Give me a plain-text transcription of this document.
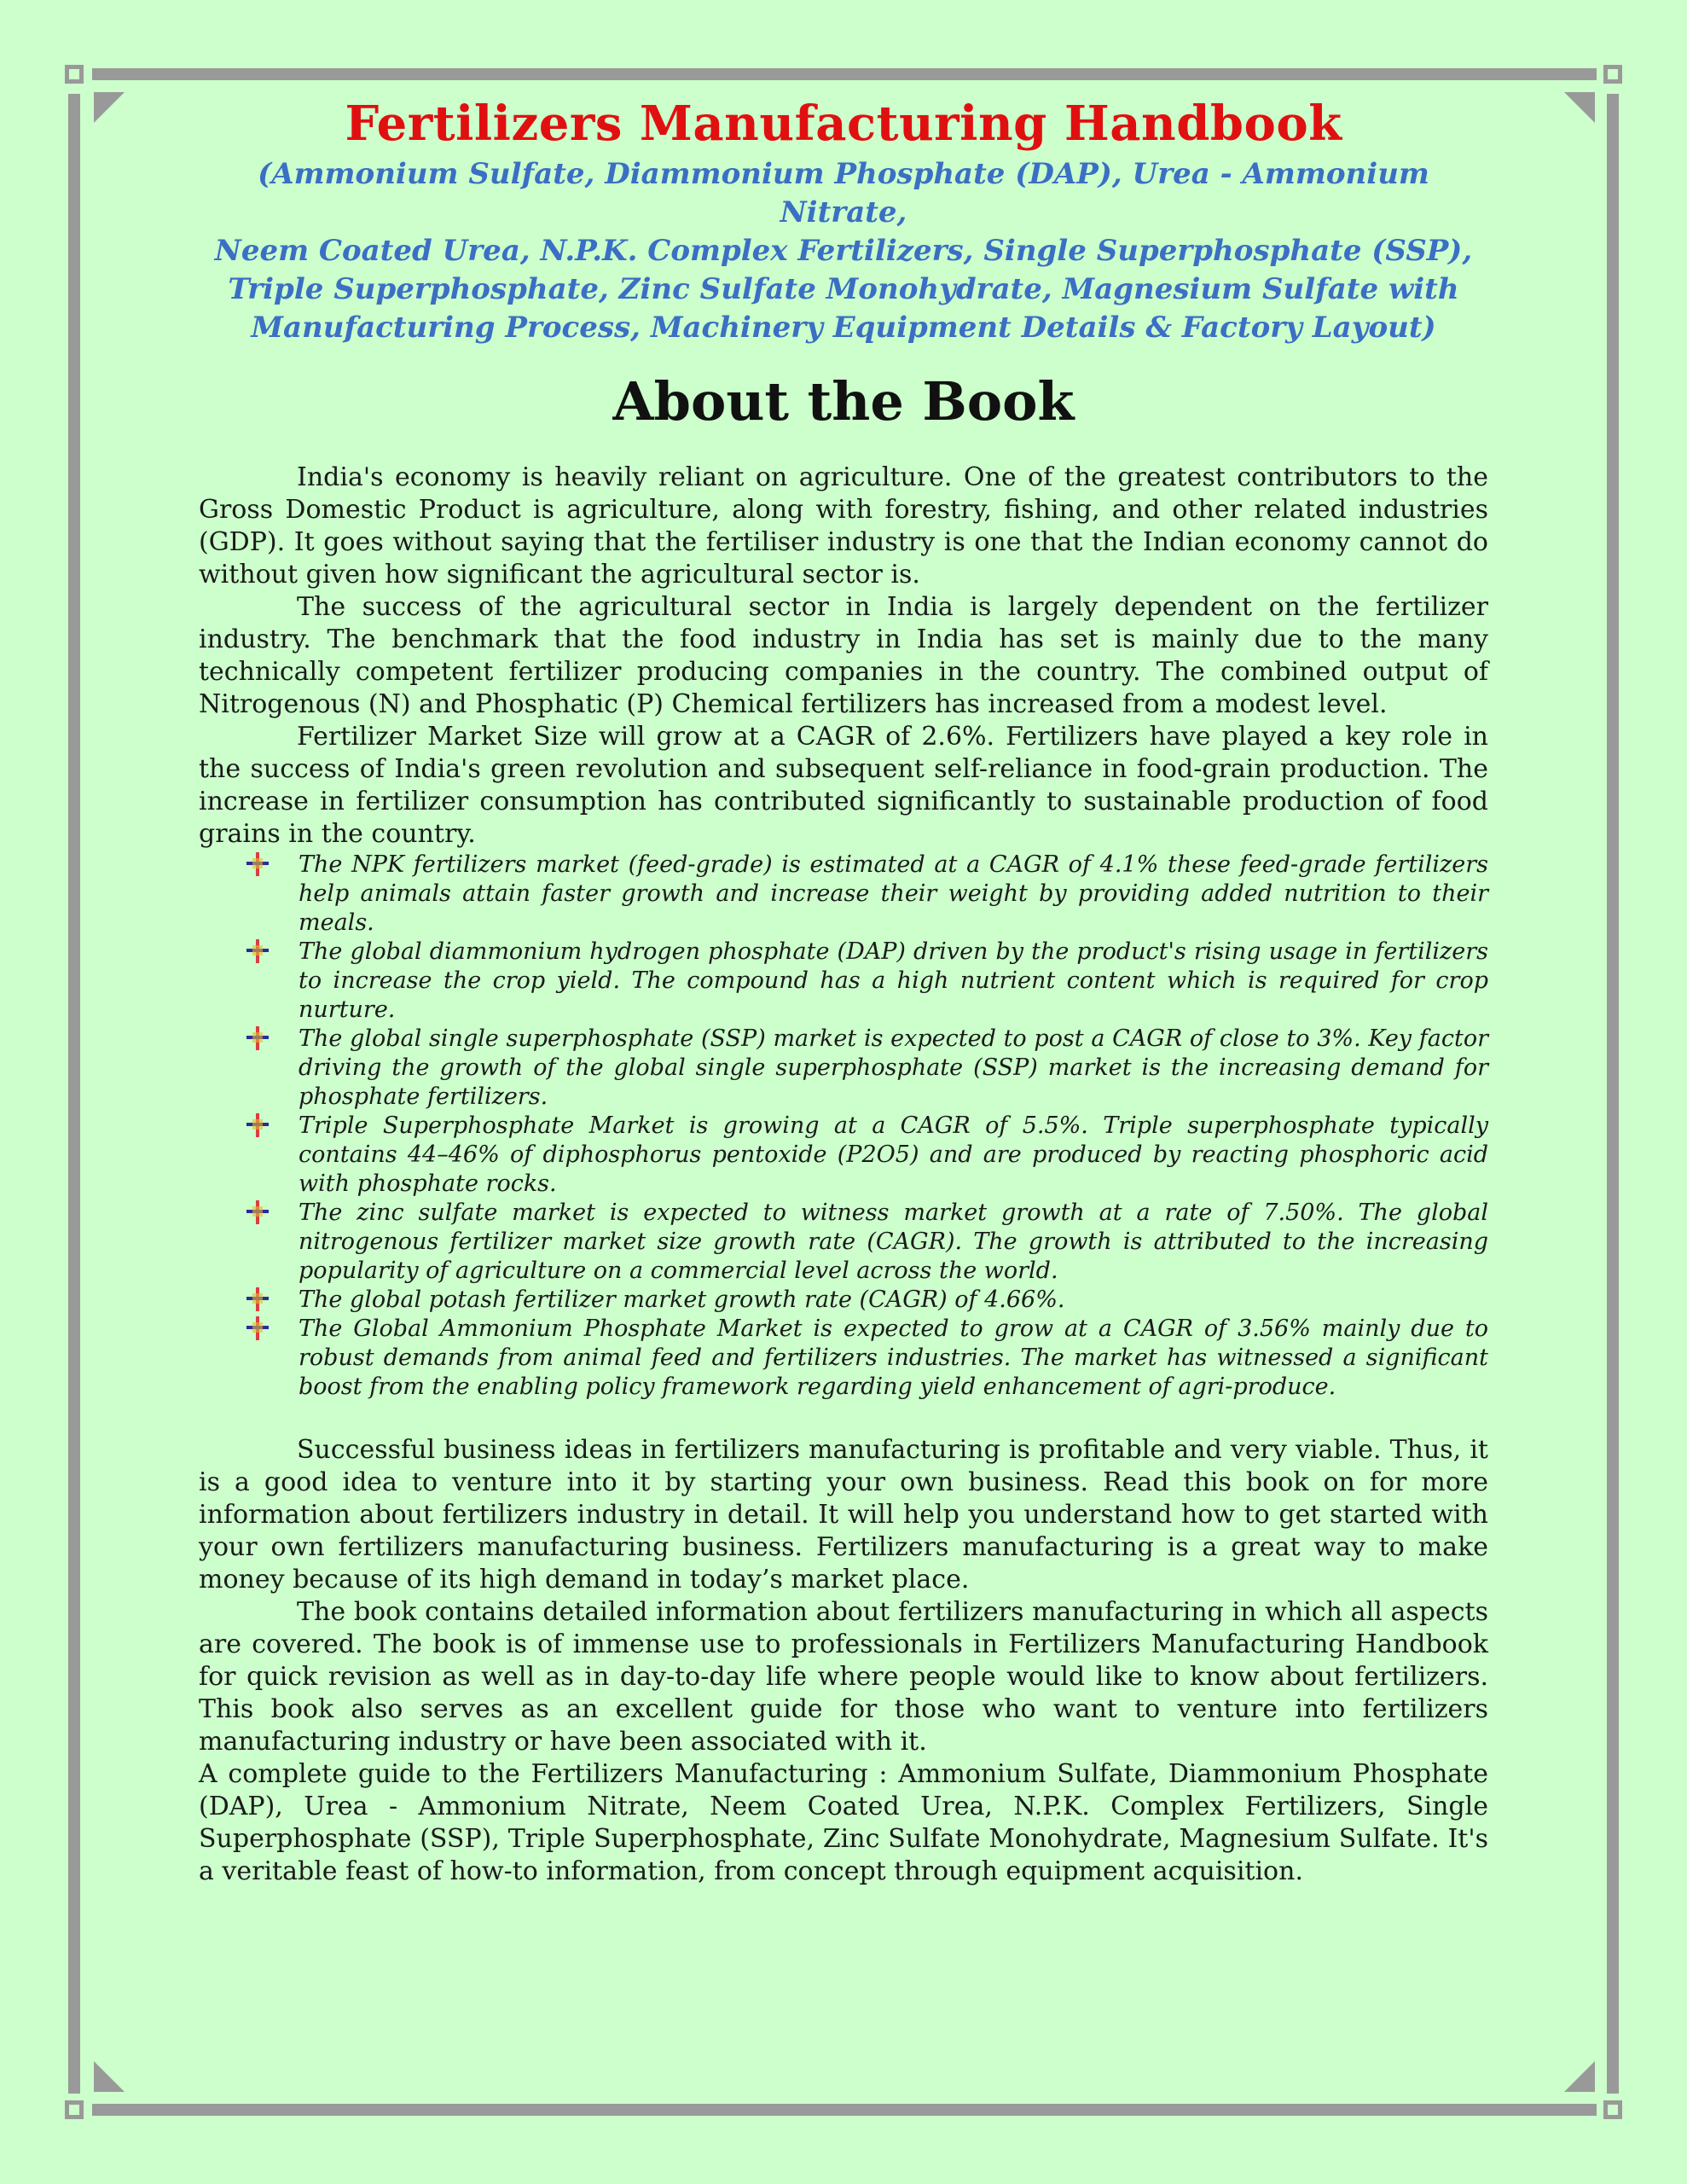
Fertilizers Manufacturing Handbook
(Ammonium Sulfate, Diammonium Phosphate (DAP), Urea - Ammonium Nitrate,
Neem Coated Urea, N.P.K. Complex Fertilizers, Single Superphosphate (SSP),
Triple Superphosphate, Zinc Sulfate Monohydrate, Magnesium Sulfate with
Manufacturing Process, Machinery Equipment Details & Factory Layout)
About the Book

India's economy is heavily reliant on agriculture. One of the greatest contributors to the Gross Domestic Product is agriculture, along with forestry, fishing, and other related industries (GDP). It goes without saying that the fertiliser industry is one that the Indian economy cannot do without given how significant the agricultural sector is.

The success of the agricultural sector in India is largely dependent on the fertilizer industry. The benchmark that the food industry in India has set is mainly due to the many technically competent fertilizer producing companies in the country. The combined output of Nitrogenous (N) and Phosphatic (P) Chemical fertilizers has increased from a modest level.

Fertilizer Market Size will grow at a CAGR of 2.6%. Fertilizers have played a key role in the success of India's green revolution and subsequent self-reliance in food-grain production. The increase in fertilizer consumption has contributed significantly to sustainable production of food grains in the country.

The NPK fertilizers market (feed-grade) is estimated at a CAGR of 4.1% these feed-grade fertilizers help animals attain faster growth and increase their weight by providing added nutrition to their meals.
The global diammonium hydrogen phosphate (DAP) driven by the product's rising usage in fertilizers to increase the crop yield. The compound has a high nutrient content which is required for crop nurture.
The global single superphosphate (SSP) market is expected to post a CAGR of close to 3%. Key factor driving the growth of the global single superphosphate (SSP) market is the increasing demand for phosphate fertilizers.
Triple Superphosphate Market is growing at a CAGR of 5.5%. Triple superphosphate typically contains 44–46% of diphosphorus pentoxide (P2O5) and are produced by reacting phosphoric acid with phosphate rocks.
The zinc sulfate market is expected to witness market growth at a rate of 7.50%. The global nitrogenous fertilizer market size growth rate (CAGR). The growth is attributed to the increasing popularity of agriculture on a commercial level across the world.
The global potash fertilizer market growth rate (CAGR) of 4.66%.
The Global Ammonium Phosphate Market is expected to grow at a CAGR of 3.56% mainly due to robust demands from animal feed and fertilizers industries. The market has witnessed a significant boost from the enabling policy framework regarding yield enhancement of agri-produce.

Successful business ideas in fertilizers manufacturing is profitable and very viable. Thus, it is a good idea to venture into it by starting your own business. Read this book on for more information about fertilizers industry in detail. It will help you understand how to get started with your own fertilizers manufacturing business. Fertilizers manufacturing is a great way to make money because of its high demand in today’s market place.

The book contains detailed information about fertilizers manufacturing in which all aspects are covered. The book is of immense use to professionals in Fertilizers Manufacturing Handbook for quick revision as well as in day-to-day life where people would like to know about fertilizers. This book also serves as an excellent guide for those who want to venture into fertilizers manufacturing industry or have been associated with it.

A complete guide to the Fertilizers Manufacturing : Ammonium Sulfate, Diammonium Phosphate (DAP), Urea - Ammonium Nitrate, Neem Coated Urea, N.P.K. Complex Fertilizers, Single Superphosphate (SSP), Triple Superphosphate, Zinc Sulfate Monohydrate, Magnesium Sulfate. It's a veritable feast of how-to information, from concept through equipment acquisition.
